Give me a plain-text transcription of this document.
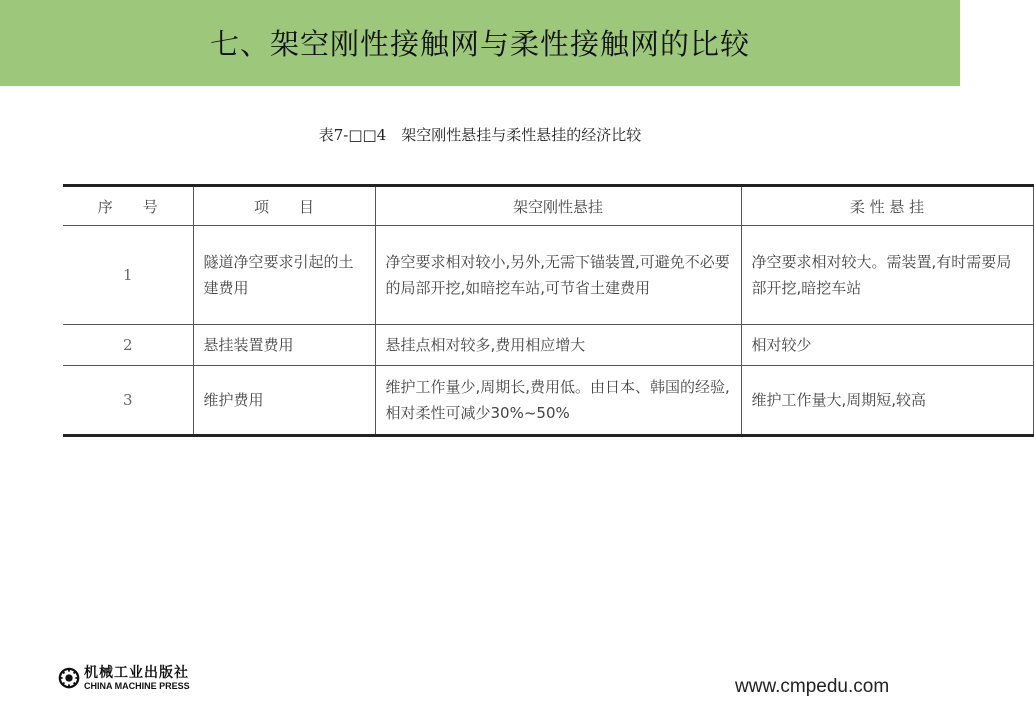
七、架空刚性接触网与柔性接触网的比较
表7-□□4　架空刚性悬挂与柔性悬挂的经济比较
序　　号	项　　目	架空刚性悬挂	柔 性 悬 挂
1	隧道净空要求引起的土建费用	净空要求相对较小,另外,无需下锚装置,可避免不必要的局部开挖,如暗挖车站,可节省土建费用	净空要求相对较大。需装置,有时需要局部开挖,暗挖车站
2	悬挂装置费用	悬挂点相对较多,费用相应增大	相对较少
3	维护费用	维护工作量少,周期长,费用低。由日本、韩国的经验,相对柔性可减少30%~50%	维护工作量大,周期短,较高
机械工业出版社
CHINA MACHINE PRESS	www.cmpedu.com
